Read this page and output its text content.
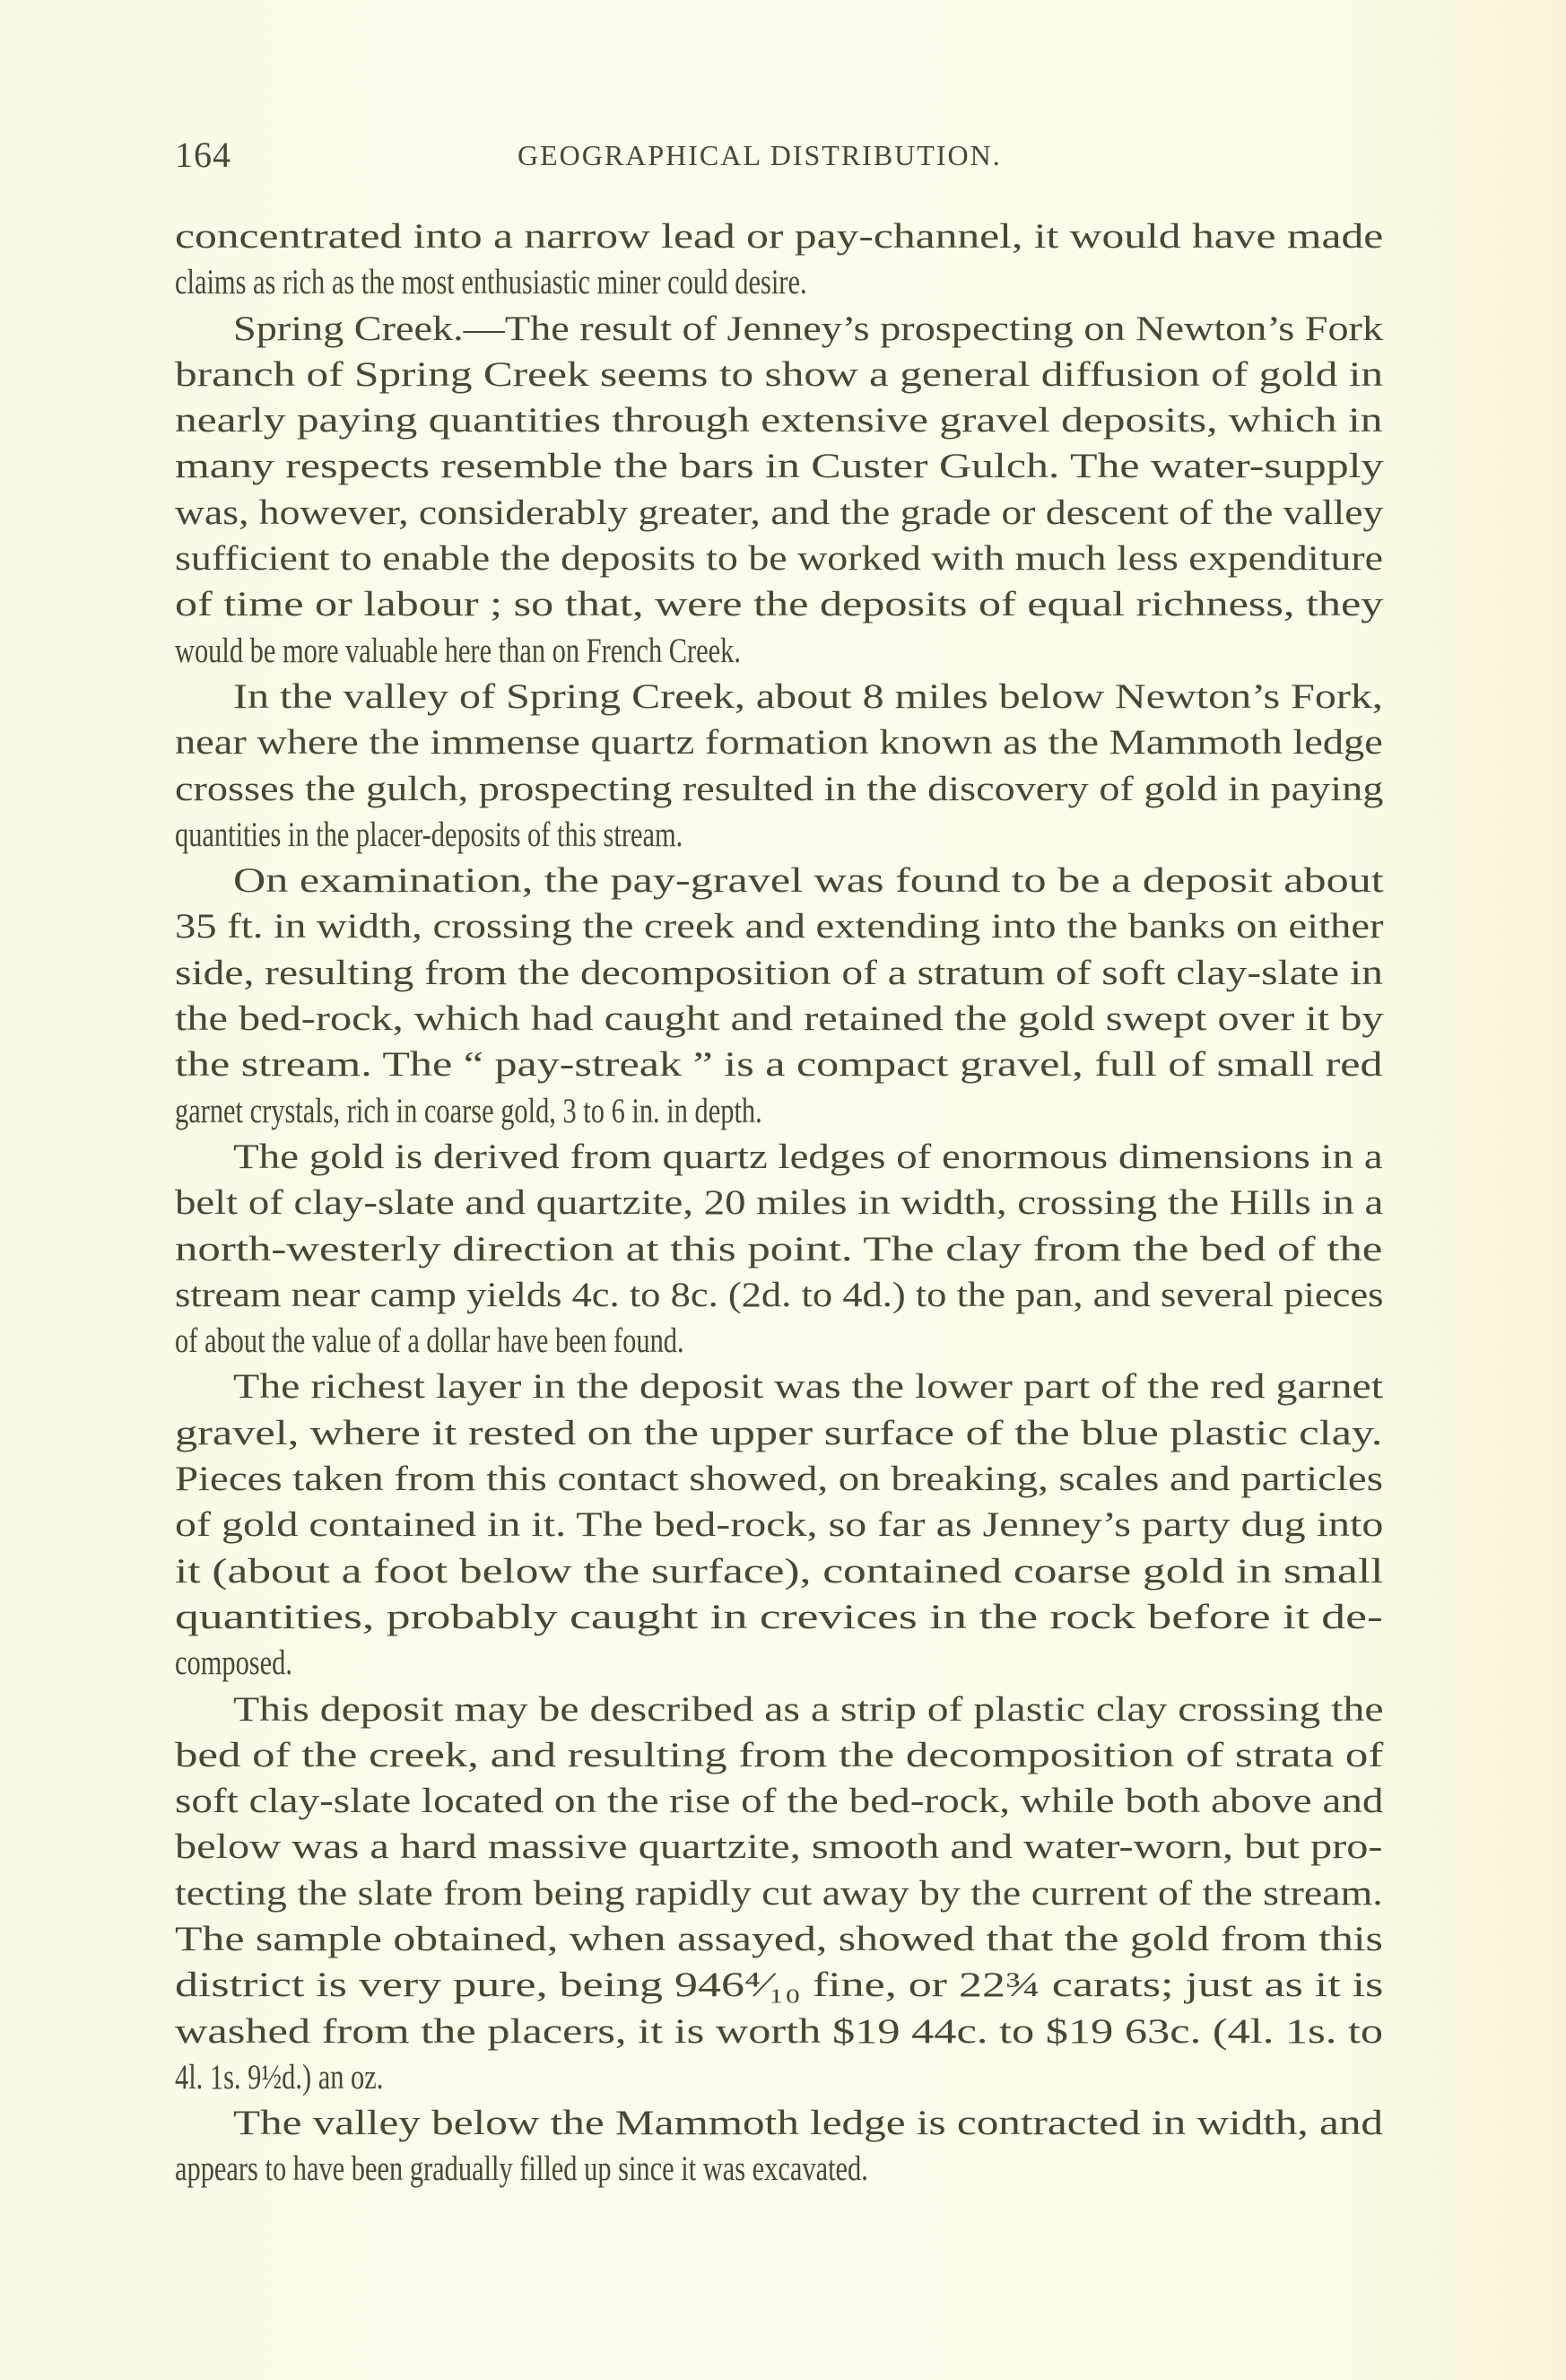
164	GEOGRAPHICAL DISTRIBUTION.
concentrated into a narrow lead or pay-channel, it would have made
claims as rich as the most enthusiastic miner could desire.
Spring Creek.—The result of Jenney’s prospecting on Newton’s Fork
branch of Spring Creek seems to show a general diffusion of gold in
nearly paying quantities through extensive gravel deposits, which in
many respects resemble the bars in Custer Gulch. The water-supply
was, however, considerably greater, and the grade or descent of the valley
sufficient to enable the deposits to be worked with much less expenditure
of time or labour ; so that, were the deposits of equal richness, they
would be more valuable here than on French Creek.
In the valley of Spring Creek, about 8 miles below Newton’s Fork,
near where the immense quartz formation known as the Mammoth ledge
crosses the gulch, prospecting resulted in the discovery of gold in paying
quantities in the placer-deposits of this stream.
On examination, the pay-gravel was found to be a deposit about
35 ft. in width, crossing the creek and extending into the banks on either
side, resulting from the decomposition of a stratum of soft clay-slate in
the bed-rock, which had caught and retained the gold swept over it by
the stream. The “ pay-streak ” is a compact gravel, full of small red
garnet crystals, rich in coarse gold, 3 to 6 in. in depth.
The gold is derived from quartz ledges of enormous dimensions in a
belt of clay-slate and quartzite, 20 miles in width, crossing the Hills in a
north-westerly direction at this point. The clay from the bed of the
stream near camp yields 4c. to 8c. (2d. to 4d.) to the pan, and several pieces
of about the value of a dollar have been found.
The richest layer in the deposit was the lower part of the red garnet
gravel, where it rested on the upper surface of the blue plastic clay.
Pieces taken from this contact showed, on breaking, scales and particles
of gold contained in it. The bed-rock, so far as Jenney’s party dug into
it (about a foot below the surface), contained coarse gold in small
quantities, probably caught in crevices in the rock before it de-
composed.
This deposit may be described as a strip of plastic clay crossing the
bed of the creek, and resulting from the decomposition of strata of
soft clay-slate located on the rise of the bed-rock, while both above and
below was a hard massive quartzite, smooth and water-worn, but pro-
tecting the slate from being rapidly cut away by the current of the stream.
The sample obtained, when assayed, showed that the gold from this
district is very pure, being 946⁴⁄₁₀ fine, or 22¾ carats; just as it is
washed from the placers, it is worth $19 44c. to $19 63c. (4l. 1s. to
4l. 1s. 9½d.) an oz.
The valley below the Mammoth ledge is contracted in width, and
appears to have been gradually filled up since it was excavated.
